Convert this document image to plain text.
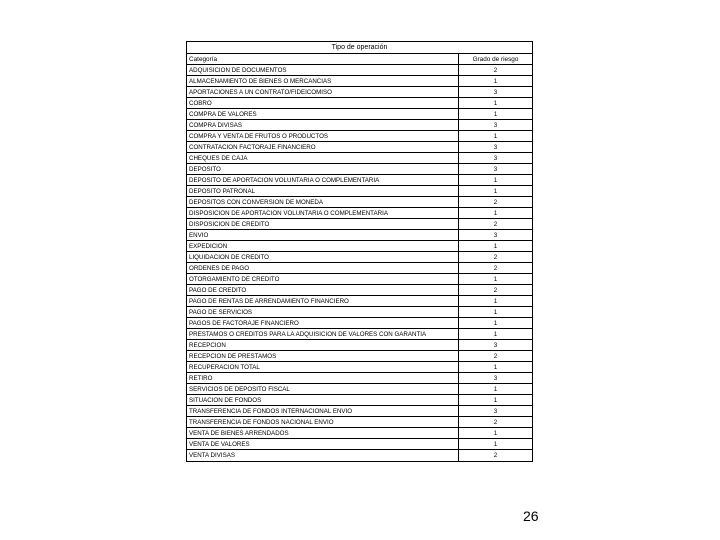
Tipo de operación
Categoría	Grado de riesgo
ADQUISICION DE DOCUMENTOS	2
ALMACENAMIENTO DE BIENES O MERCANCIAS	1
APORTACIONES A UN CONTRATO/FIDEICOMISO	3
COBRO	1
COMPRA DE VALORES	1
COMPRA DIVISAS	3
COMPRA Y VENTA DE FRUTOS O PRODUCTOS	1
CONTRATACION FACTORAJE FINANCIERO	3
CHEQUES DE CAJA	3
DEPOSITO	3
DEPOSITO DE APORTACION VOLUNTARIA O COMPLEMENTARIA	1
DEPOSITO PATRONAL	1
DEPOSITOS CON CONVERSION DE MONEDA	2
DISPOSICION DE APORTACION VOLUNTARIA O COMPLEMENTARIA	1
DISPOSICION DE CREDITO	2
ENVIO	3
EXPEDICION	1
LIQUIDACION DE CREDITO	2
ORDENES DE PAGO	2
OTORGAMIENTO DE CREDITO	1
PAGO DE CREDITO	2
PAGO DE RENTAS DE ARRENDAMIENTO FINANCIERO	1
PAGO DE SERVICIOS	1
PAGOS DE FACTORAJE FINANCIERO	1
PRESTAMOS O CREDITOS PARA LA ADQUISICION DE VALORES CON GARANTIA	1
RECEPCION	3
RECEPCION DE PRESTAMOS	2
RECUPERACION TOTAL	1
RETIRO	3
SERVICIOS DE DEPOSITO FISCAL	1
SITUACION DE FONDOS	1
TRANSFERENCIA DE FONDOS INTERNACIONAL ENVIO	3
TRANSFERENCIA DE FONDOS NACIONAL ENVIO	2
VENTA DE BIENES ARRENDADOS	1
VENTA DE VALORES	1
VENTA DIVISAS	2
26
